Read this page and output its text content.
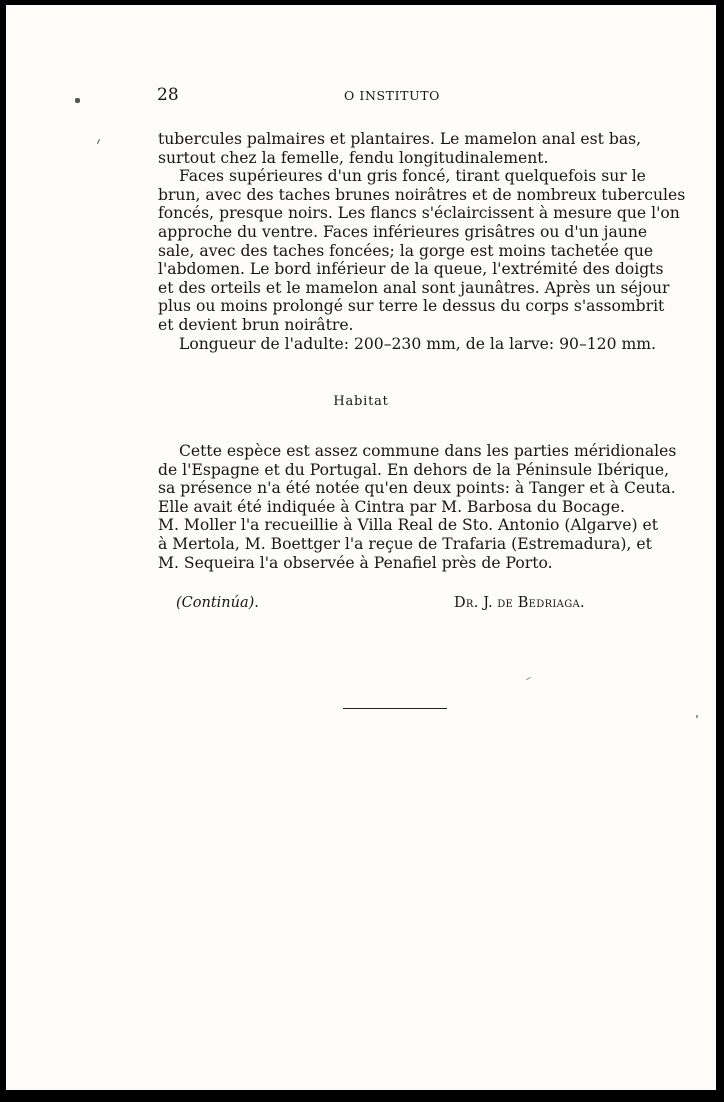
28	O INSTITUTO
tubercules palmaires et plantaires. Le mamelon anal est bas,
surtout chez la femelle, fendu longitudinalement.
Faces supérieures d'un gris foncé, tirant quelquefois sur le
brun, avec des taches brunes noirâtres et de nombreux tubercules
foncés, presque noirs. Les flancs s'éclaircissent à mesure que l'on
approche du ventre. Faces inférieures grisâtres ou d'un jaune
sale, avec des taches foncées; la gorge est moins tachetée que
l'abdomen. Le bord inférieur de la queue, l'extrémité des doigts
et des orteils et le mamelon anal sont jaunâtres. Après un séjour
plus ou moins prolongé sur terre le dessus du corps s'assombrit
et devient brun noirâtre.
Longueur de l'adulte: 200–230 mm, de la larve: 90–120 mm.
Habitat
Cette espèce est assez commune dans les parties méridionales
de l'Espagne et du Portugal. En dehors de la Péninsule Ibérique,
sa présence n'a été notée qu'en deux points: à Tanger et à Ceuta.
Elle avait été indiquée à Cintra par M. Barbosa du Bocage.
M. Moller l'a recueillie à Villa Real de Sto. Antonio (Algarve) et
à Mertola, M. Boettger l'a reçue de Trafaria (Estremadura), et
M. Sequeira l'a observée à Penafiel près de Porto.
(Continúa).	Dr. J. de Bedriaga.
